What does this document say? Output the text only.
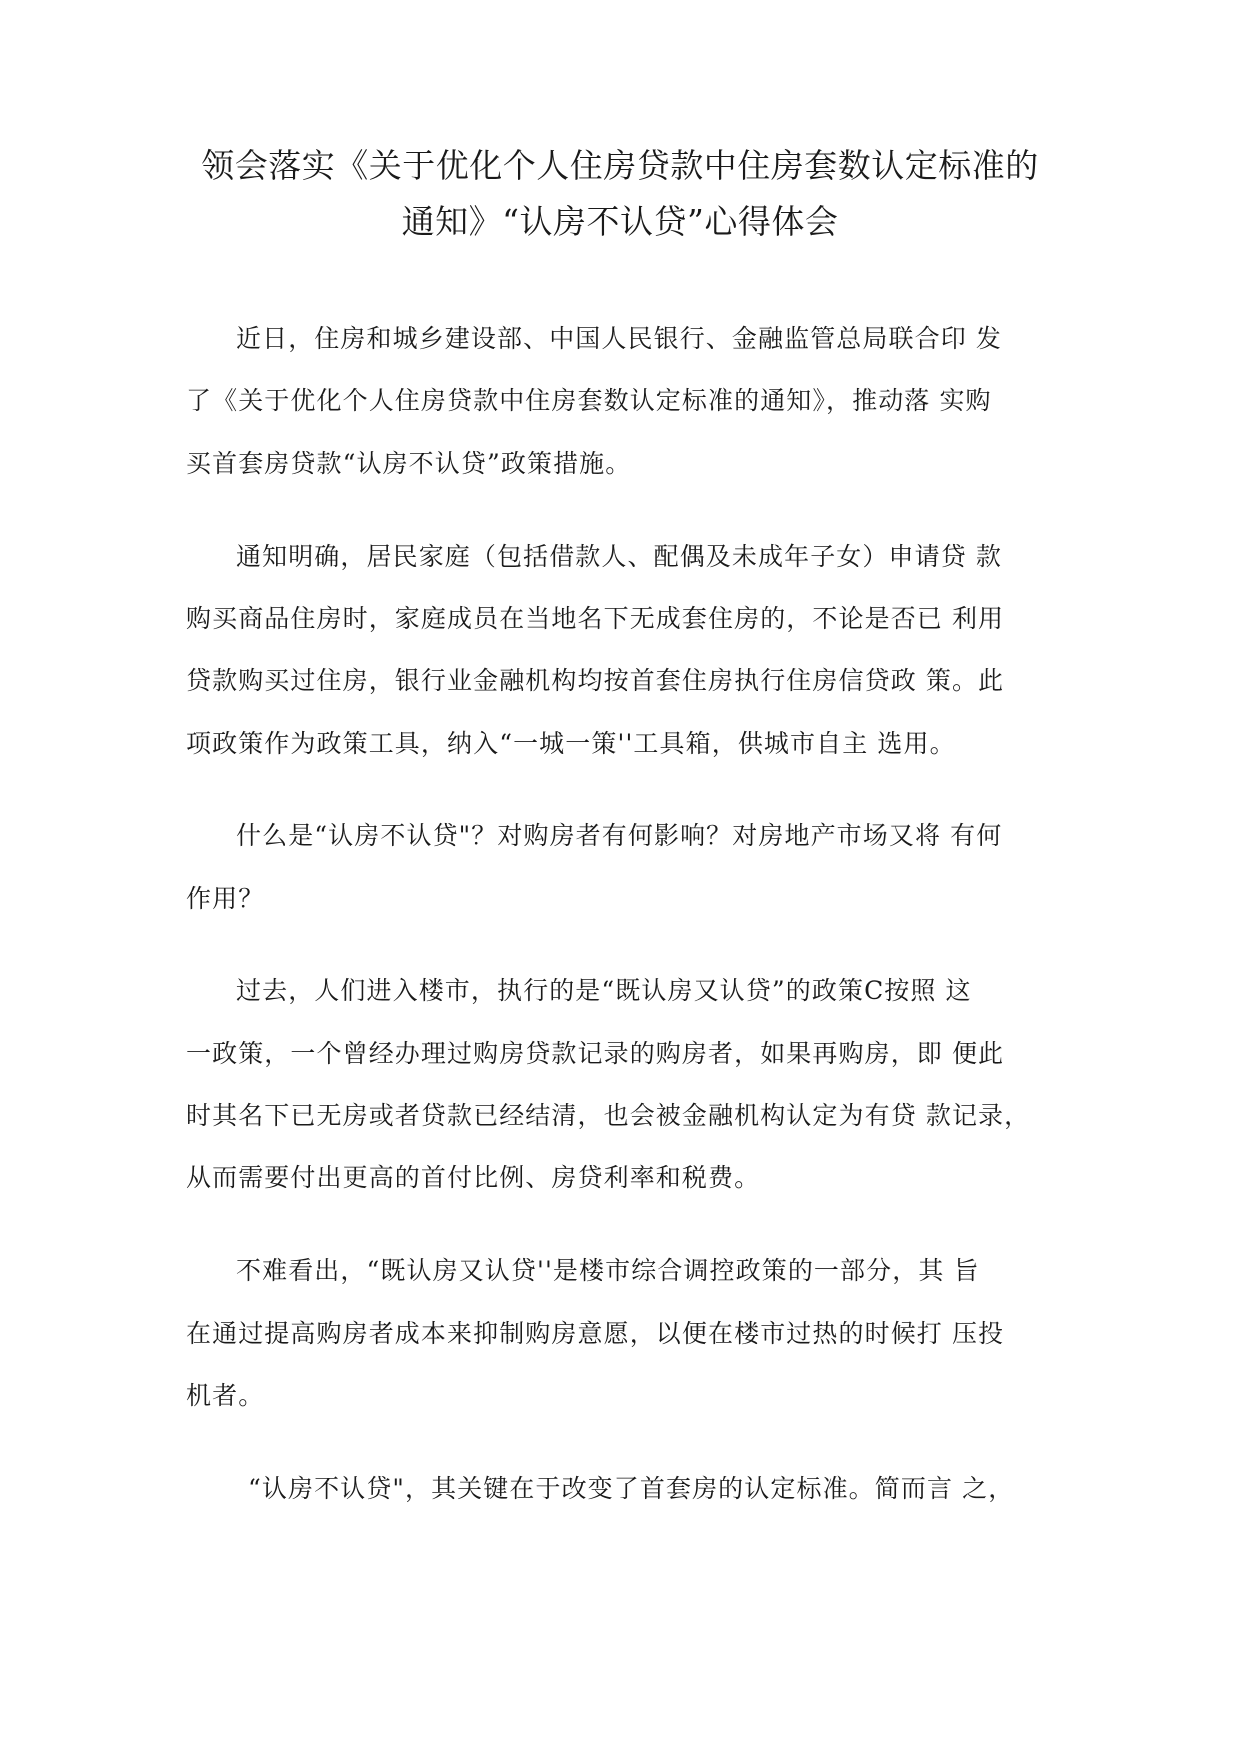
领会落实《关于优化个人住房贷款中住房套数认定标准的
通知》“认房不认贷”心得体会
近日，住房和城乡建设部、中国人民银行、金融监管总局联合印 发
了《关于优化个人住房贷款中住房套数认定标准的通知》，推动落 实购
买首套房贷款“认房不认贷”政策措施。
通知明确，居民家庭（包括借款人、配偶及未成年子女）申请贷 款
购买商品住房时，家庭成员在当地名下无成套住房的，不论是否已 利用
贷款购买过住房，银行业金融机构均按首套住房执行住房信贷政 策。此
项政策作为政策工具，纳入“一城一策''工具箱，供城市自主 选用。
什么是“认房不认贷"？对购房者有何影响？对房地产市场又将 有何
作用？
过去，人们进入楼市，执行的是“既认房又认贷”的政策C按照 这
一政策，一个曾经办理过购房贷款记录的购房者，如果再购房，即 便此
时其名下已无房或者贷款已经结清，也会被金融机构认定为有贷 款记录，
从而需要付出更高的首付比例、房贷利率和税费。
不难看出，“既认房又认贷''是楼市综合调控政策的一部分，其 旨
在通过提高购房者成本来抑制购房意愿，以便在楼市过热的时候打 压投
机者。
“认房不认贷"，其关键在于改变了首套房的认定标准。简而言 之，
